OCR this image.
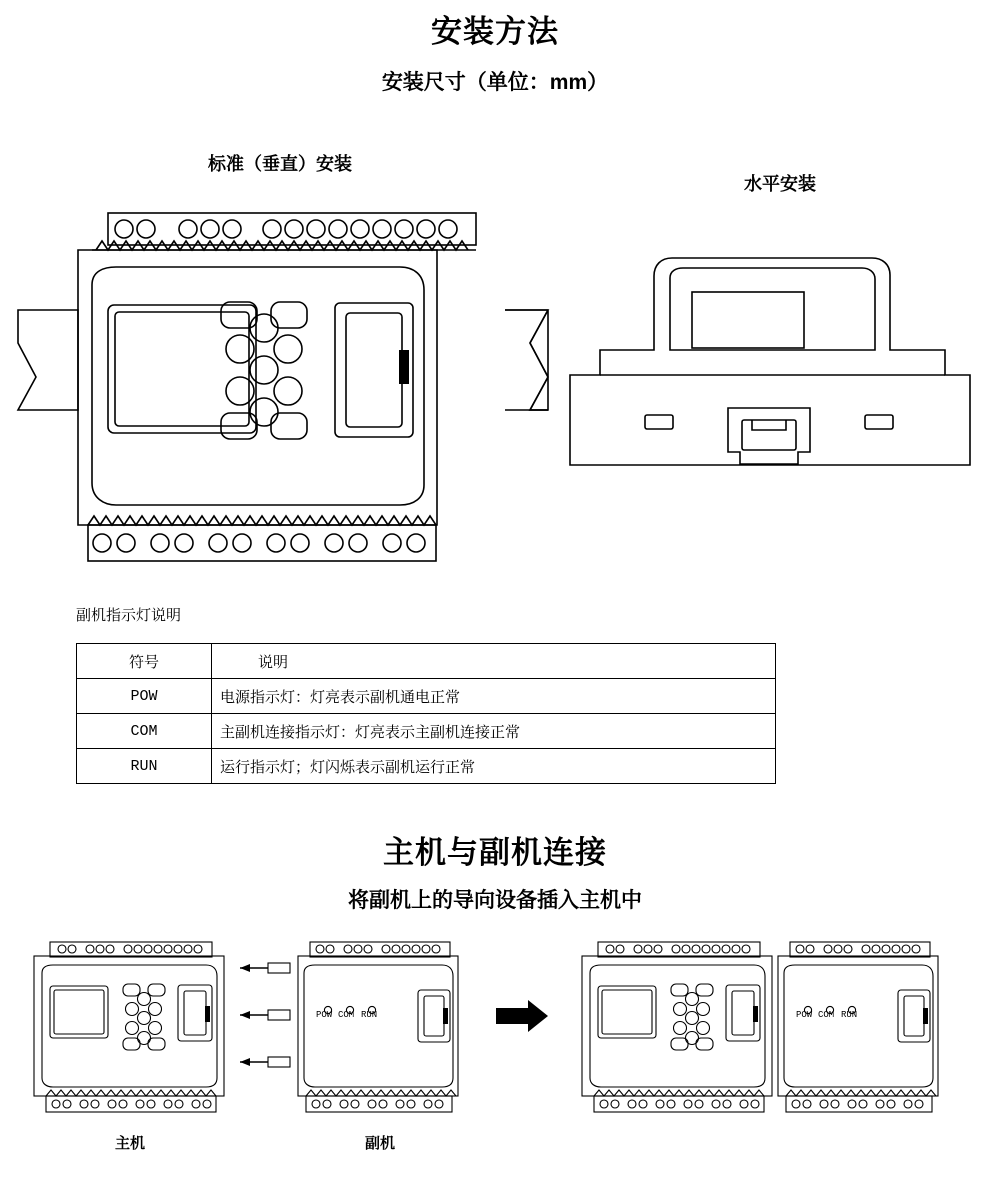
安装方法
安装尺寸（单位：mm）
标准（垂直）安装
水平安装
副机指示灯说明
符号	说明
POW	电源指示灯：灯亮表示副机通电正常
COM	主副机连接指示灯：灯亮表示主副机连接正常
RUN	运行指示灯；灯闪烁表示副机运行正常
主机与副机连接
将副机上的导向设备插入主机中
POW COM RUN	POW COM RUN
主机	副机
